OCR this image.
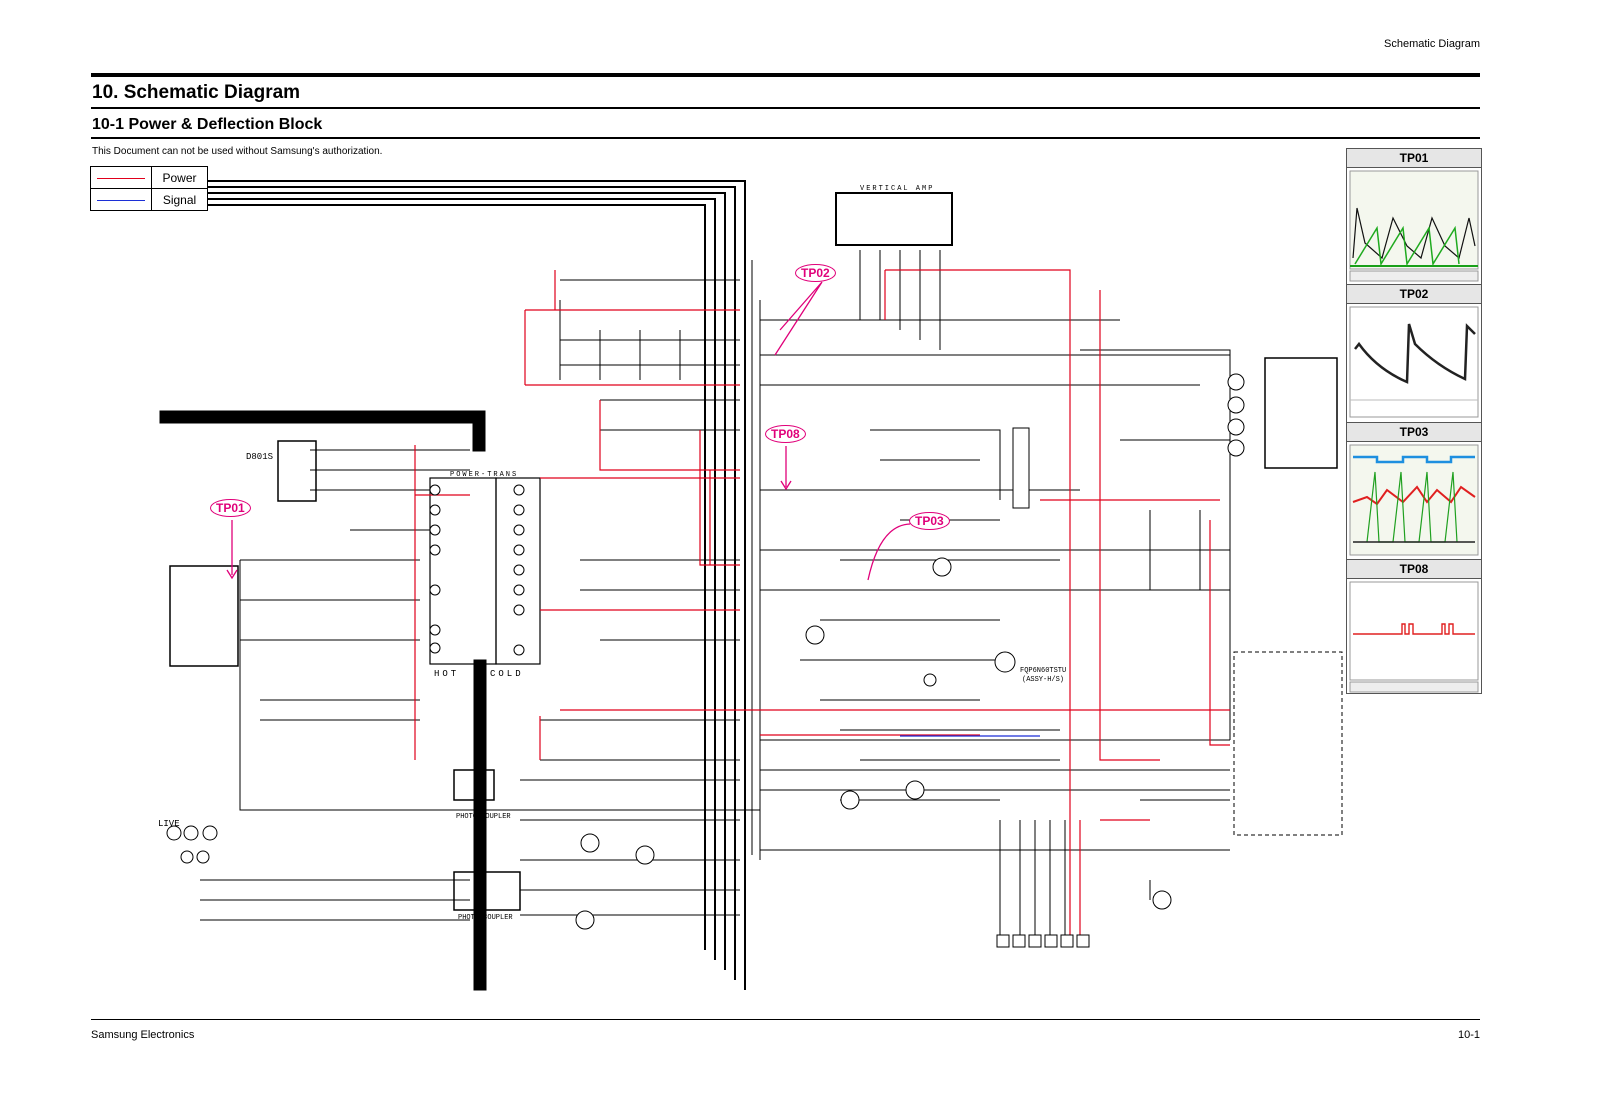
Schematic Diagram
10. Schematic Diagram
10-1 Power & Deflection Block
This Document can not be used without Samsung's authorization.
	Power
	Signal
VERTICAL AMP
POWER-TRANS
HOT	COLD
PHOTO-COUPLER
PHOTO-COUPLER
D801S
LIVE
FQP6N60TSTU
(ASSY-H/S)
TP01
TP02
TP08
TP03
TP01
TP02
TP03
TP08
Samsung Electronics	10-1
